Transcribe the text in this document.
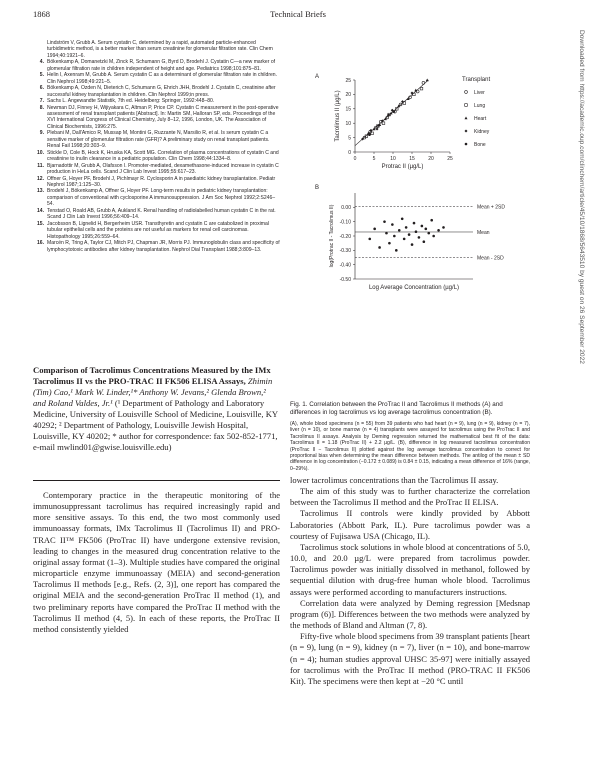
1868	Technical Briefs
Lindström V, Grubb A. Serum cystatin C, determined by a rapid, automated particle-enhanced turbidimetric method, is a better marker than serum creatinine for glomerular filtration rate. Clin Chem 1994;40:1921–6.
4. Bökenkamp A, Domanetzki M, Zinck R, Schumann G, Byrd D, Brodehl J. Cystatin C—a new marker of glomerular filtration rate in children independent of height and age. Pediatrics 1998;101:875–81.
5. Helin I, Axenram M, Grubb A. Serum cystatin C as a determinant of glomerular filtration rate in children. Clin Nephrol 1998;49:221–5.
6. Bökenkamp A, Ozden N, Dieterich C, Schumann G, Ehrich JHH, Brodehl J. Cystatin C, creatinine after successful kidney transplantation in children. Clin Nephrol 1999;in press.
7. Sachs L. Angewandte Statistik, 7th ed. Heidelberg: Springer, 1992:448–80.
8. Newman DJ, Finney H, Wijiyakara C, Altman P, Price CP. Cystatin C measurement in the post-operative assessment of renal transplant patients [Abstract]. In: Martin SM, Halloran SP, eds. Proceedings of the XVI International Congress of Clinical Chemistry, July 8–12, 1996, London, UK. The Association of Clinical Biochemists, 1996:275.
9. Plebani M, Dall'Amico R, Mussap M, Montini G, Ruzzante N, Marsilio R, et al. Is serum cystatin C a sensitive marker of glomerular filtration rate (GFR)? A preliminary study on renal transplant patients. Renal Fail 1998;20:303–9.
10. Stickle D, Cole B, Hock K, Hruska KA, Scott MG. Correlation of plasma concentrations of cystatin C and creatinine to inulin clearance in a pediatric population. Clin Chem 1998;44:1334–8.
11. Bjarnadottir M, Grubb A, Olafsson I. Promoter-mediated, dexamethasone-induced increase in cystatin C production in HeLa cells. Scand J Clin Lab Invest 1995;55:617–23.
12. Offner G, Hoyer PF, Brodehl J, Pichlmayr R. Cyclosporin A in paediatric kidney transplantation. Pediatr Nephrol 1987;1:125–30.
13. Brodehl J, Bökenkamp A, Offner G, Hoyer PF. Long-term results in pediatric kidney transplantation: comparison of conventional with cyclosporine A immunosuppression. J Am Soc Nephrol 1992;2:S246–54.
14. Tenstad O, Roald AB, Grubb A, Aukland K. Renal handling of radiolabelled human cystatin C in the rat. Scand J Clin Lab Invest 1996;56:409–14.
15. Jacobsson B, Lignelid H, Bergerheim USR. Transthyretin and cystatin C are catabolized in proximal tubular epithelial cells and the proteins are not useful as markers for renal cell carcinomas. Histopathology 1995;26:559–64.
16. Marcén R, Tring A, Taylor CJ, Mitch PJ, Chapman JR, Morris PJ. Immunoglobulin class and specificity of lymphocytotoxic antibodies after kidney transplantation. Nephrol Dial Transplant 1988;3:809–13.
Comparison of Tacrolimus Concentrations Measured by the IMx Tacrolimus II vs the PRO-TRAC II FK506 ELISA Assays, Zhimin (Tim) Cao,¹ Mark W. Linder,¹* Anthony W. Jevans,² Glenda Brown,² and Roland Valdes, Jr.¹ (¹ Department of Pathology and Laboratory Medicine, University of Louisville School of Medicine, Louisville, KY 40292; ² Department of Pathology, Louisville Jewish Hospital, Louisville, KY 40202; * author for correspondence: fax 502-852-1771, e-mail mwlind01@gwise.louisville.edu)

Contemporary practice in the therapeutic monitoring of the immunosuppressant tacrolimus has required increasingly rapid and more sensitive assays. To this end, the two most commonly used immunoassay formats, IMx Tacrolimus II (Tacrolimus II) and PRO-TRAC II™ FK506 (ProTrac II) have undergone extensive revision, leading to changes in the measured drug concentration relative to the original assay format (1–3). Multiple studies have compared the original microparticle enzyme immunoassay (MEIA) and second-generation Tacrolimus II methods [e.g., Refs. (2, 3)], one report has compared the original MEIA and the second-generation ProTrac II method (1), and two preliminary reports have compared the ProTrac II method with the Tacrolimus II method (4, 5). In each of these reports, the ProTrac II method consistently yielded

lower tacrolimus concentrations than the Tacrolimus II assay.

The aim of this study was to further characterize the correlation between the Tacrolimus II method and the ProTrac II ELISA.

Tacrolimus II controls were kindly provided by Abbott Laboratories (Abbott Park, IL). Pure tacrolimus powder was a courtesy of Fujisawa USA (Chicago, IL).

Tacrolimus stock solutions in whole blood at concentrations of 5.0, 10.0, and 20.0 µg/L were prepared from tacrolimus powder. Tacrolimus powder was initially dissolved in methanol, followed by sequential dilution with drug-free human whole blood. Tacrolimus assays were performed according to manufacturers instructions.

Correlation data were analyzed by Deming regression [Medsnap program (6)]. Differences between the two methods were analyzed by the methods of Bland and Altman (7, 8).

Fifty-five whole blood specimens from 39 transplant patients [heart (n = 9), lung (n = 9), kidney (n = 7), liver (n = 10), and bone-marrow (n = 4); human studies approval UHSC 35-97] were initially assayed for tacrolimus with the ProTrac II method (PRO-TRAC II FK506 Kit). The specimens were then kept at −20 °C until

A
0	5	10	15	20	25
0
5
10
15
20
25
Protrac II (µg/L)
Tacrolimus II (µg/L)
Transplant
Liver
Lung
Heart
Kidney
Bone
B
0.00
-0.10
-0.20
-0.30
-0.40
-0.50
Log Average Concentration (µg/L)
log(Protrac II - Tacrolimus II)	Mean + 2SD
Mean
Mean - 2SD
Fig. 1. Correlation between the ProTrac II and Tacrolimus II methods (A) and differences in log tacrolimus vs log average tacrolimus concentration (B).
(A), whole blood specimens (n = 55) from 39 patients who had heart (n = 9), lung (n = 9), kidney (n = 7), liver (n = 10), or bone marrow (n = 4) transplants were assayed for tacrolimus using the ProTrac II and Tacrolimus II assays. Analysis by Deming regression returned the mathematical best fit of the data: Tacrolimus II = 1.18 (ProTrac II) + 2.2 µg/L. (B), difference in log measured tacrolimus concentration (ProTrac II − Tacrolimus II) plotted against the log average tacrolimus concentration to correct for proportional bias when determining the mean difference between methods. The antilog of the mean ± SD difference in log concentration (−0.172 ± 0.089) is 0.84 ± 0.15, indicating a mean difference of 16% (range, 0–29%).
Downloaded from https://academic.oup.com/clinchem/article/45/10/1868/5643510 by guest on 26 September 2022
